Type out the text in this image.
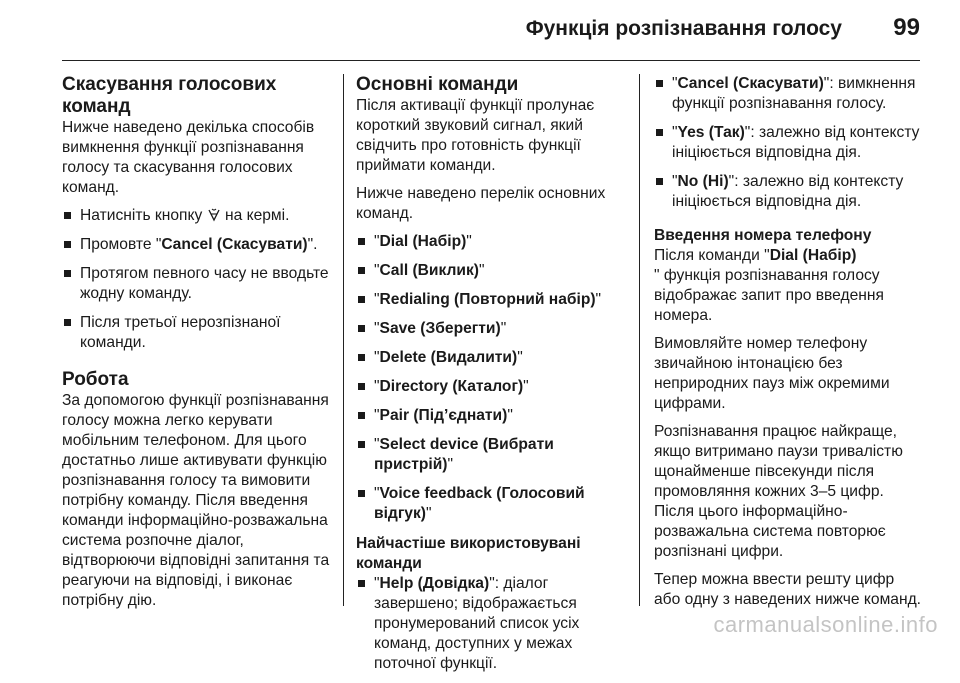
Функція розпізнавання голосу 99
Скасування голосових команд

Нижче наведено декілька способів вимкнення функції розпізнавання голосу та скасування голосових команд.

Натисніть кнопку на кермі.
Промовте "Cancel (Скасувати)".
Протягом певного часу не вводьте жодну команду.
Після третьої нерозпізнаної команди.
Робота

За допомогою функції розпізнавання голосу можна легко керувати мобільним телефоном. Для цього достатньо лише активувати функцію розпізнавання голосу та вимовити потрібну команду. Після введення команди інформаційно-розважальна система розпочне діалог, відтворюючи відповідні запитання та реагуючи на відповіді, і виконає потрібну дію.

Основні команди

Після активації функції пролунає короткий звуковий сигнал, який свідчить про готовність функції приймати команди.

Нижче наведено перелік основних команд.

"Dial (Набір)"
"Call (Виклик)"
"Redialing (Повторний набір)"
"Save (Зберегти)"
"Delete (Видалити)"
"Directory (Каталог)"
"Pair (Під’єднати)"
"Select device (Вибрати пристрій)"
"Voice feedback (Голосовий відгук)"
Найчастіше використовувані команди
"Help (Довідка)": діалог завершено; відображається пронумерований список усіх команд, доступних у межах поточної функції.
"Cancel (Скасувати)": вимкнення функції розпізнавання голосу.
"Yes (Так)": залежно від контексту ініціюється відповідна дія.
"No (Ні)": залежно від контексту ініціюється відповідна дія.
Введення номера телефону

Після команди "Dial (Набір)
" функція розпізнавання голосу відображає запит про введення номера.

Вимовляйте номер телефону звичайною інтонацією без неприродних пауз між окремими цифрами.

Розпізнавання працює найкраще, якщо витримано паузи тривалістю щонайменше півсекунди після промовляння кожних 3–5 цифр. Після цього інформаційно-розважальна система повторює розпізнані цифри.

Тепер можна ввести решту цифр або одну з наведених нижче команд.

carmanualsonline.info
